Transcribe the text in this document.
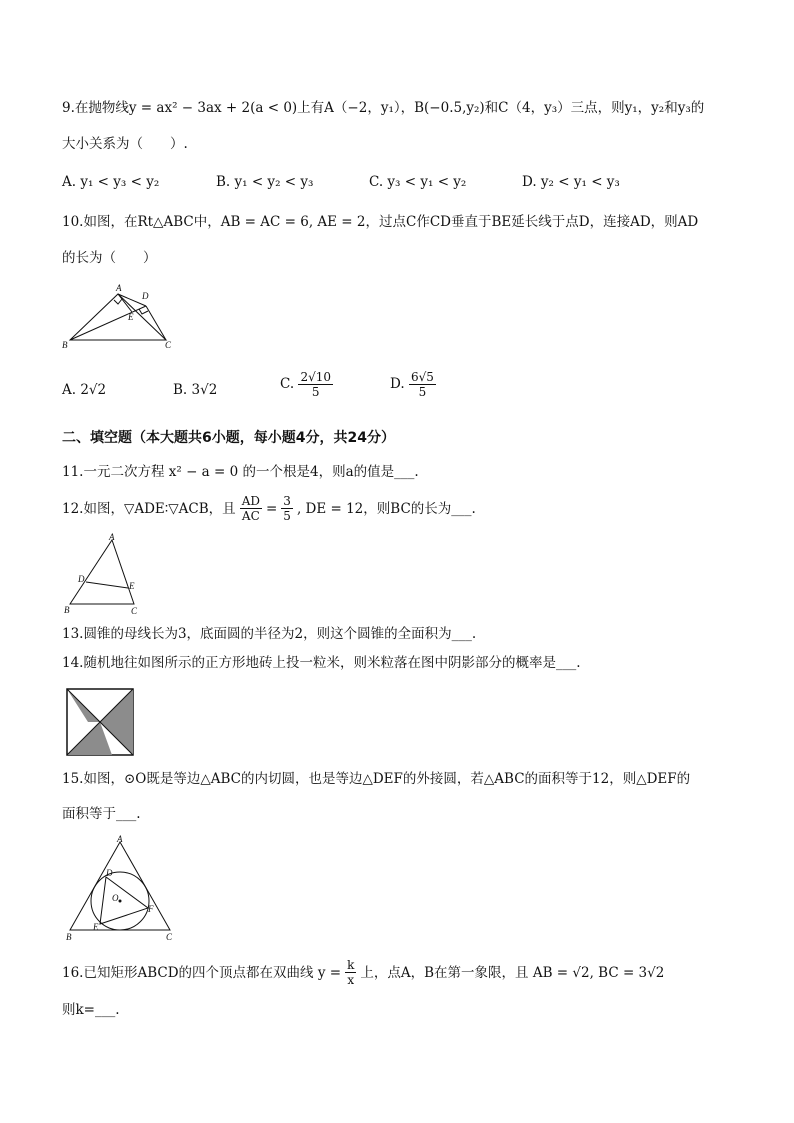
9.在抛物线y = ax² − 3ax + 2(a < 0)上有A（−2，y₁），B(−0.5,y₂)和C（4，y₃）三点，则y₁，y₂和y₃的
大小关系为（　　）.
A. y₁ < y₃ < y₂	B. y₁ < y₂ < y₃	C. y₃ < y₁ < y₂	D. y₂ < y₁ < y₃
10.如图，在Rt△ABC中，AB = AC = 6, AE = 2，过点C作CD垂直于BE延长线于点D，连接AD，则AD
的长为（　　）
A
D
E
B	C
A. 2√2	B. 3√2	C. $\frac{2√10}{5}$	D. $\frac{6√5}{5}$
二、填空题（本大题共6小题，每小题4分，共24分）
11.一元二次方程 x² − a = 0 的一个根是4，则a的值是___.
12.如图，▽ADE∶▽ACB，且 $\frac{AD}{AC} = \frac{3}{5}$ , DE = 12，则BC的长为___.
A
D
E
B	C
13.圆锥的母线长为3，底面圆的半径为2，则这个圆锥的全面积为___.
14.随机地往如图所示的正方形地砖上投一粒米，则米粒落在图中阴影部分的概率是___.
15.如图，⊙O既是等边△ABC的内切圆，也是等边△DEF的外接圆，若△ABC的面积等于12，则△DEF的
面积等于___.
A
D
O
F
E
B	C
16.已知矩形ABCD的四个顶点都在双曲线 $y = \frac{k}{x}$ 上，点A，B在第一象限，且 AB = √2, BC = 3√2
则k=___.
